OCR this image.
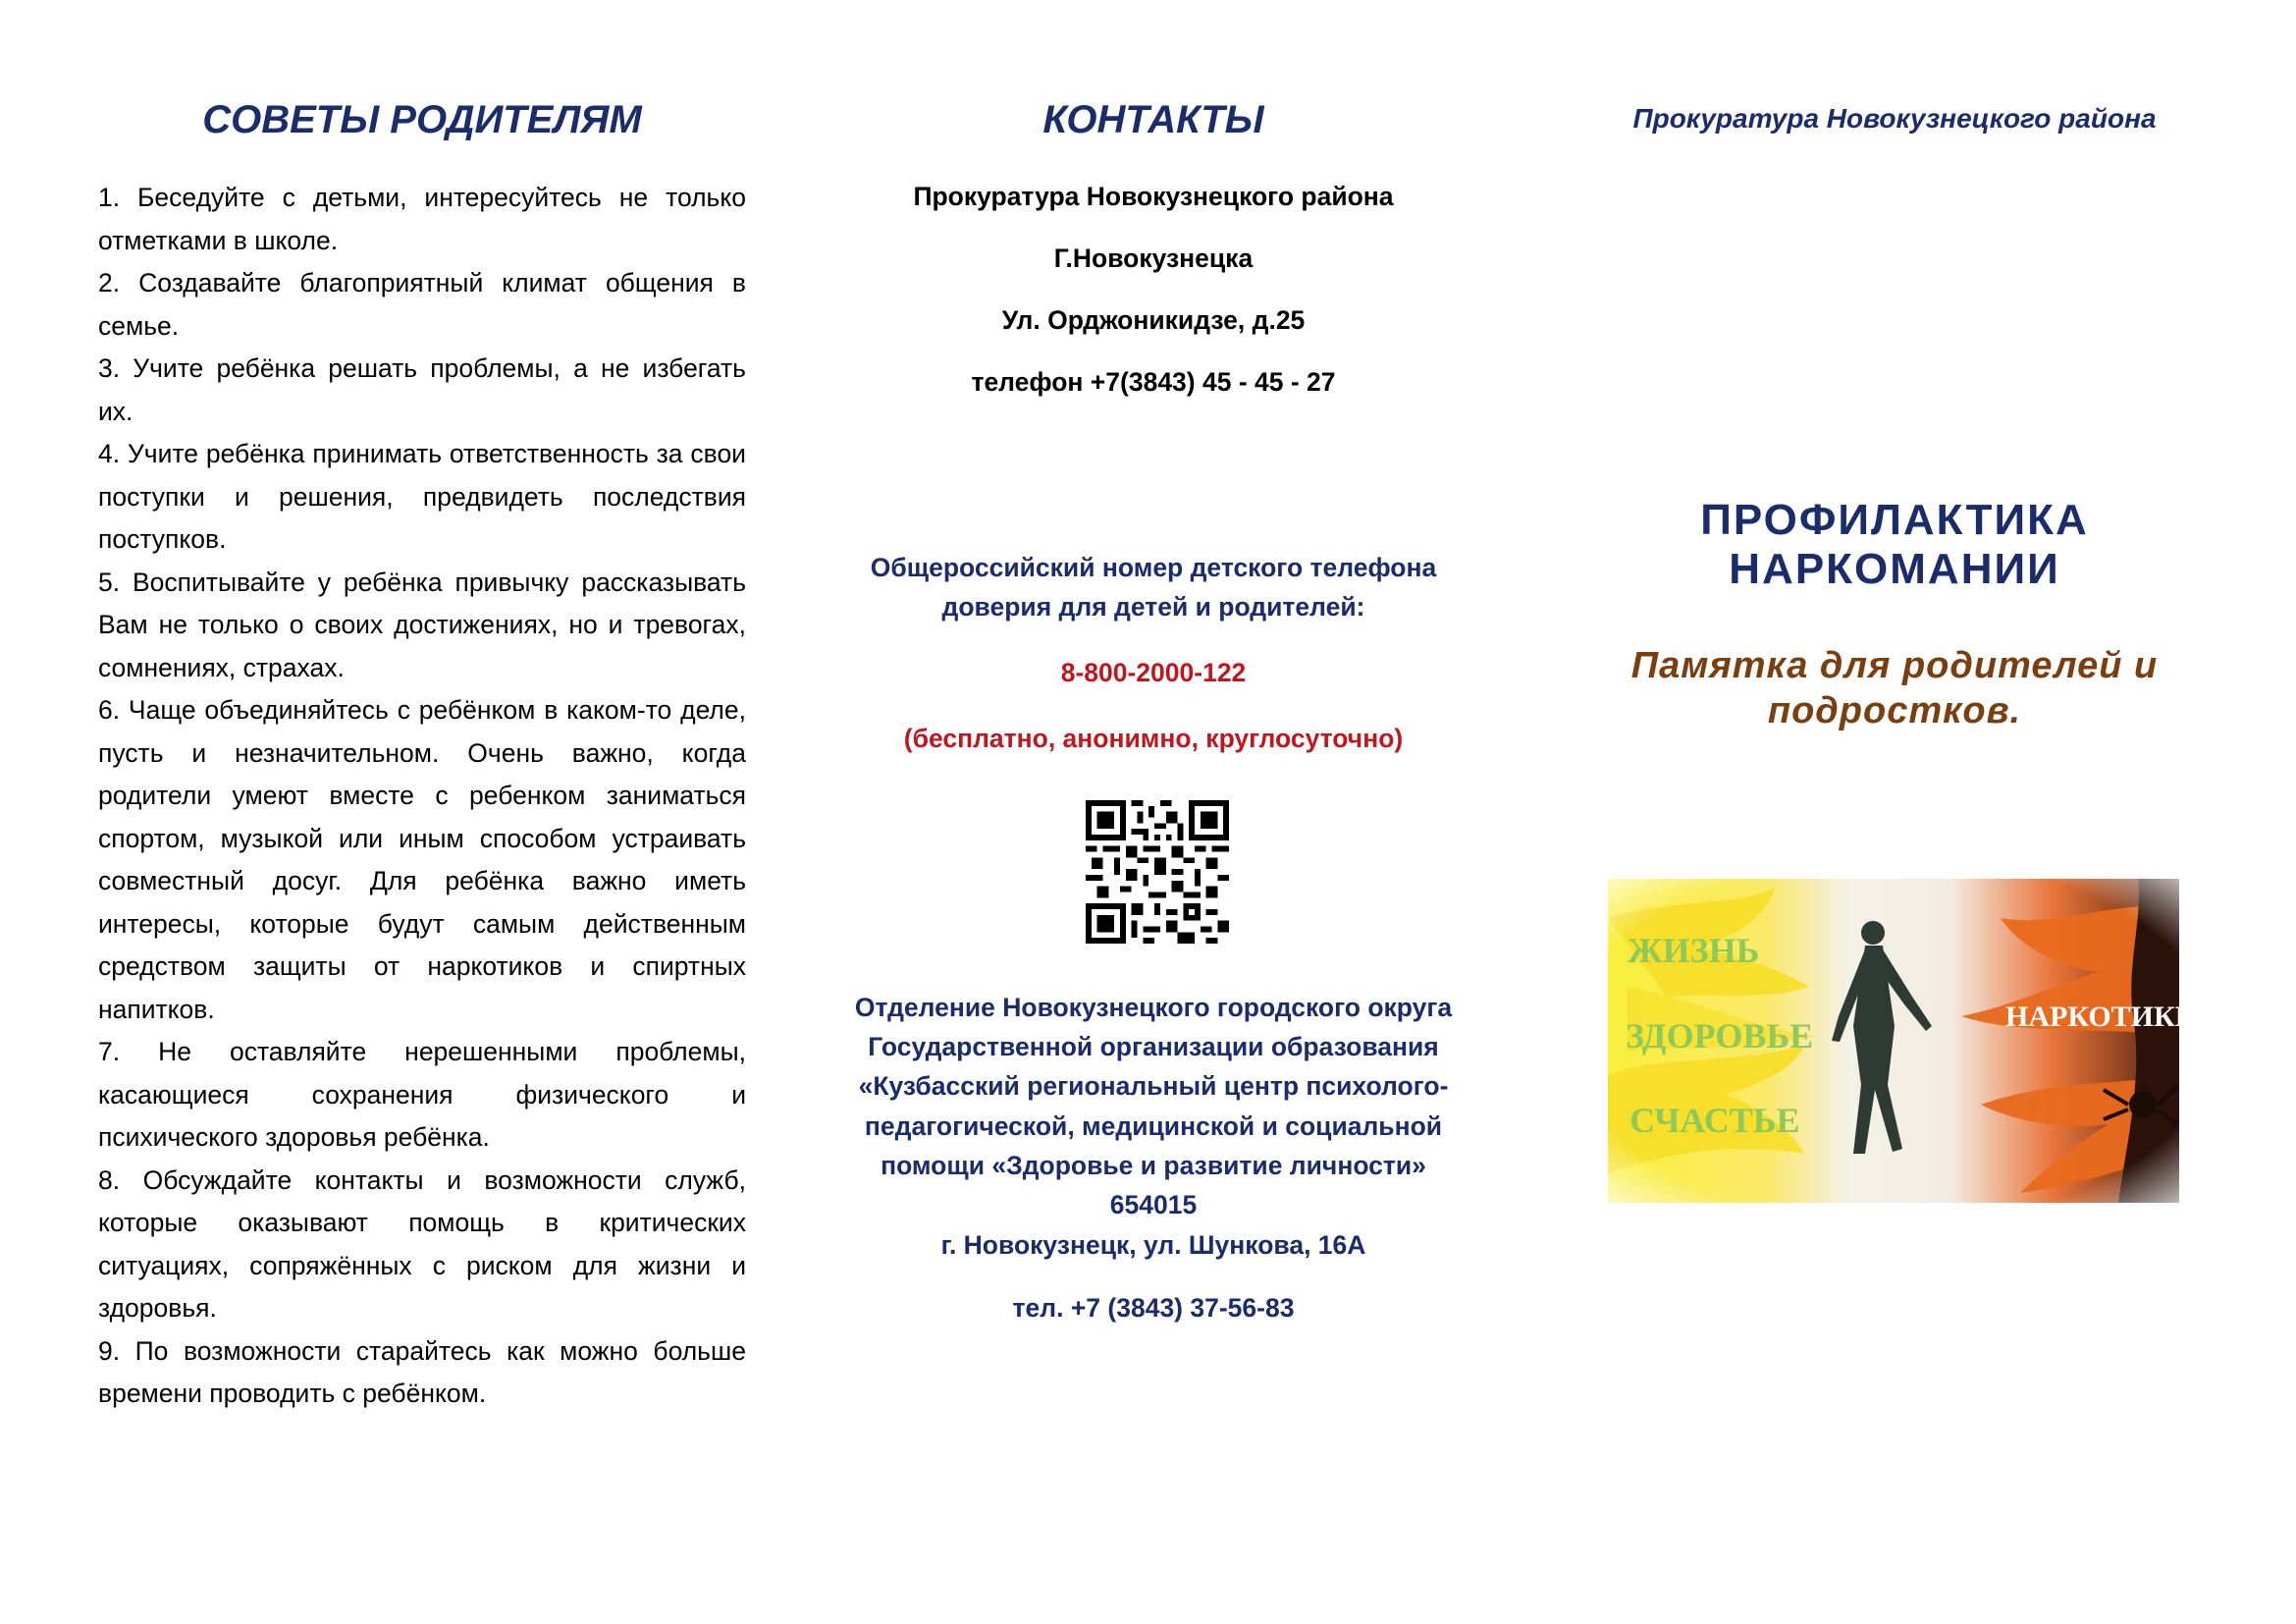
СОВЕТЫ РОДИТЕЛЯМ
1. Беседуйте с детьми, интересуйтесь не только отметками в школе.
2. Создавайте благоприятный климат общения в семье.
3. Учите ребёнка решать проблемы, а не избегать их.
4. Учите ребёнка принимать ответственность за свои поступки и решения, предвидеть последствия поступков.
5. Воспитывайте у ребёнка привычку рассказывать Вам не только о своих достижениях, но и тревогах, сомнениях, страхах.
6. Чаще объединяйтесь с ребёнком в каком-то деле, пусть и незначительном. Очень важно, когда родители умеют вместе с ребенком заниматься спортом, музыкой или иным способом устраивать совместный досуг. Для ребёнка важно иметь интересы, которые будут самым действенным средством защиты от наркотиков и спиртных напитков.
7. Не оставляйте нерешенными проблемы, касающиеся сохранения физического и психического здоровья ребёнка.
8. Обсуждайте контакты и возможности служб, которые оказывают помощь в критических ситуациях, сопряжённых с риском для жизни и здоровья.
9. По возможности старайтесь как можно больше времени проводить с ребёнком.
КОНТАКТЫ
Прокуратура Новокузнецкого района
Г.Новокузнецка
Ул. Орджоникидзе, д.25
телефон +7(3843) 45 - 45 - 27
Общероссийский номер детского телефона
доверия для детей и родителей:
8-800-2000-122
(бесплатно, анонимно, круглосуточно)
Отделение Новокузнецкого городского округа
Государственной организации образования
«Кузбасский региональный центр психолого-
педагогической, медицинской и социальной
помощи «Здоровье и развитие личности»
654015
г. Новокузнецк, ул. Шункова, 16А
тел. +7 (3843) 37-56-83
Прокуратура Новокузнецкого района
ПРОФИЛАКТИКА
НАРКОМАНИИ
Памятка для родителей и
подростков.
